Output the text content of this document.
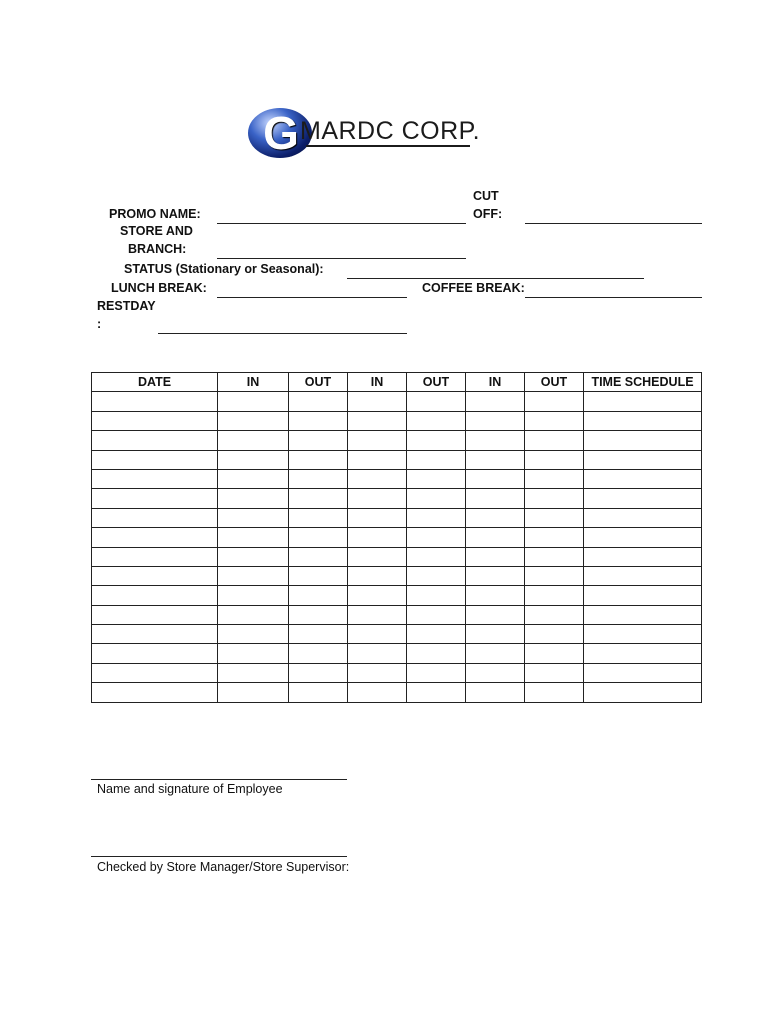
G MARDC CORP.
PROMO NAME:
CUT
OFF:
STORE AND
BRANCH:
STATUS (Stationary or Seasonal):
LUNCH BREAK:	COFFEE BREAK:
RESTDAY
:
DATE	IN	OUT	IN	OUT	IN	OUT	TIME SCHEDULE

Name and signature of Employee
Checked by Store Manager/Store Supervisor:
